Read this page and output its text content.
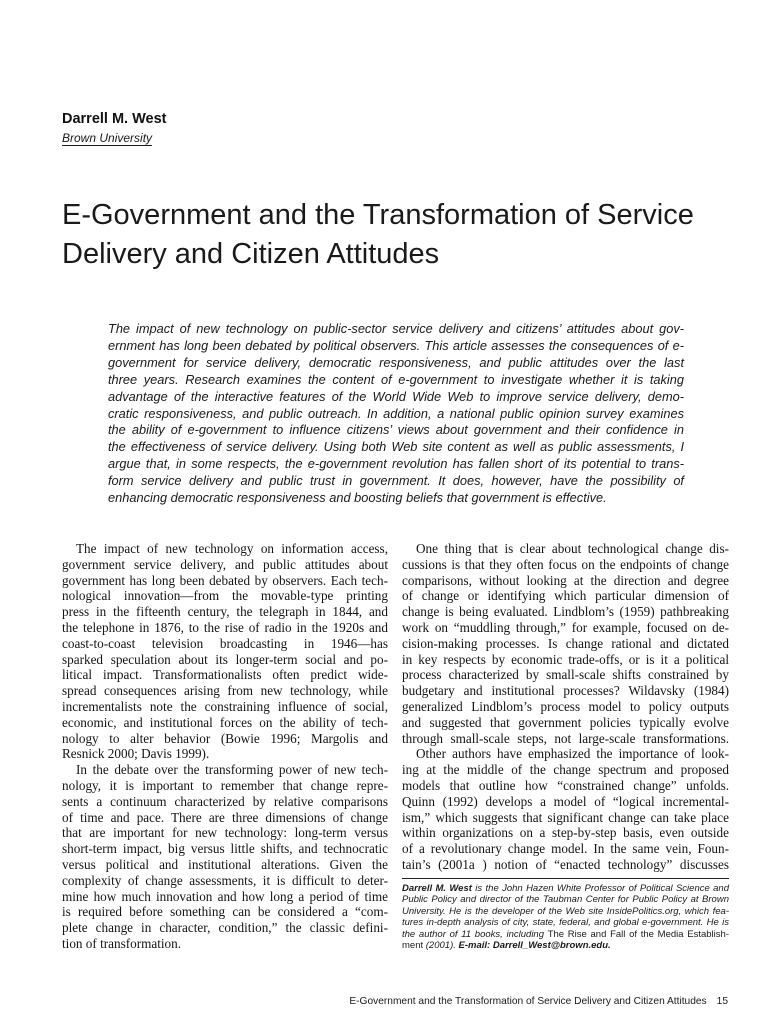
Darrell M. West
Brown University
E-Government and the Transformation of Service
Delivery and Citizen Attitudes
The impact of new technology on public-sector service delivery and citizens’ attitudes about gov-
ernment has long been debated by political observers. This article assesses the consequences of e-
government for service delivery, democratic responsiveness, and public attitudes over the last
three years. Research examines the content of e-government to investigate whether it is taking
advantage of the interactive features of the World Wide Web to improve service delivery, demo-
cratic responsiveness, and public outreach. In addition, a national public opinion survey examines
the ability of e-government to influence citizens’ views about government and their confidence in
the effectiveness of service delivery. Using both Web site content as well as public assessments, I
argue that, in some respects, the e-government revolution has fallen short of its potential to trans-
form service delivery and public trust in government. It does, however, have the possibility of
enhancing democratic responsiveness and boosting beliefs that government is effective.
The impact of new technology on information access,
government service delivery, and public attitudes about
government has long been debated by observers. Each tech-
nological innovation—from the movable-type printing
press in the fifteenth century, the telegraph in 1844, and
the telephone in 1876, to the rise of radio in the 1920s and
coast-to-coast television broadcasting in 1946—has
sparked speculation about its longer-term social and po-
litical impact. Transformationalists often predict wide-
spread consequences arising from new technology, while
incrementalists note the constraining influence of social,
economic, and institutional forces on the ability of tech-
nology to alter behavior (Bowie 1996; Margolis and
Resnick 2000; Davis 1999).
In the debate over the transforming power of new tech-
nology, it is important to remember that change repre-
sents a continuum characterized by relative comparisons
of time and pace. There are three dimensions of change
that are important for new technology: long-term versus
short-term impact, big versus little shifts, and technocratic
versus political and institutional alterations. Given the
complexity of change assessments, it is difficult to deter-
mine how much innovation and how long a period of time
is required before something can be considered a “com-
plete change in character, condition,” the classic defini-
tion of transformation.
One thing that is clear about technological change dis-
cussions is that they often focus on the endpoints of change
comparisons, without looking at the direction and degree
of change or identifying which particular dimension of
change is being evaluated. Lindblom’s (1959) pathbreaking
work on “muddling through,” for example, focused on de-
cision-making processes. Is change rational and dictated
in key respects by economic trade-offs, or is it a political
process characterized by small-scale shifts constrained by
budgetary and institutional processes? Wildavsky (1984)
generalized Lindblom’s process model to policy outputs
and suggested that government policies typically evolve
through small-scale steps, not large-scale transformations.
Other authors have emphasized the importance of look-
ing at the middle of the change spectrum and proposed
models that outline how “constrained change” unfolds.
Quinn (1992) develops a model of “logical incremental-
ism,” which suggests that significant change can take place
within organizations on a step-by-step basis, even outside
of a revolutionary change model. In the same vein, Foun-
tain’s (2001a ) notion of “enacted technology” discusses
Darrell M. West is the John Hazen White Professor of Political Science and
Public Policy and director of the Taubman Center for Public Policy at Brown
University. He is the developer of the Web site InsidePolitics.org, which fea-
tures in-depth analysis of city, state, federal, and global e-government. He is
the author of 11 books, including The Rise and Fall of the Media Establish-
ment (2001). E-mail: Darrell_West@brown.edu.
E-Government and the Transformation of Service Delivery and Citizen Attitudes 15
